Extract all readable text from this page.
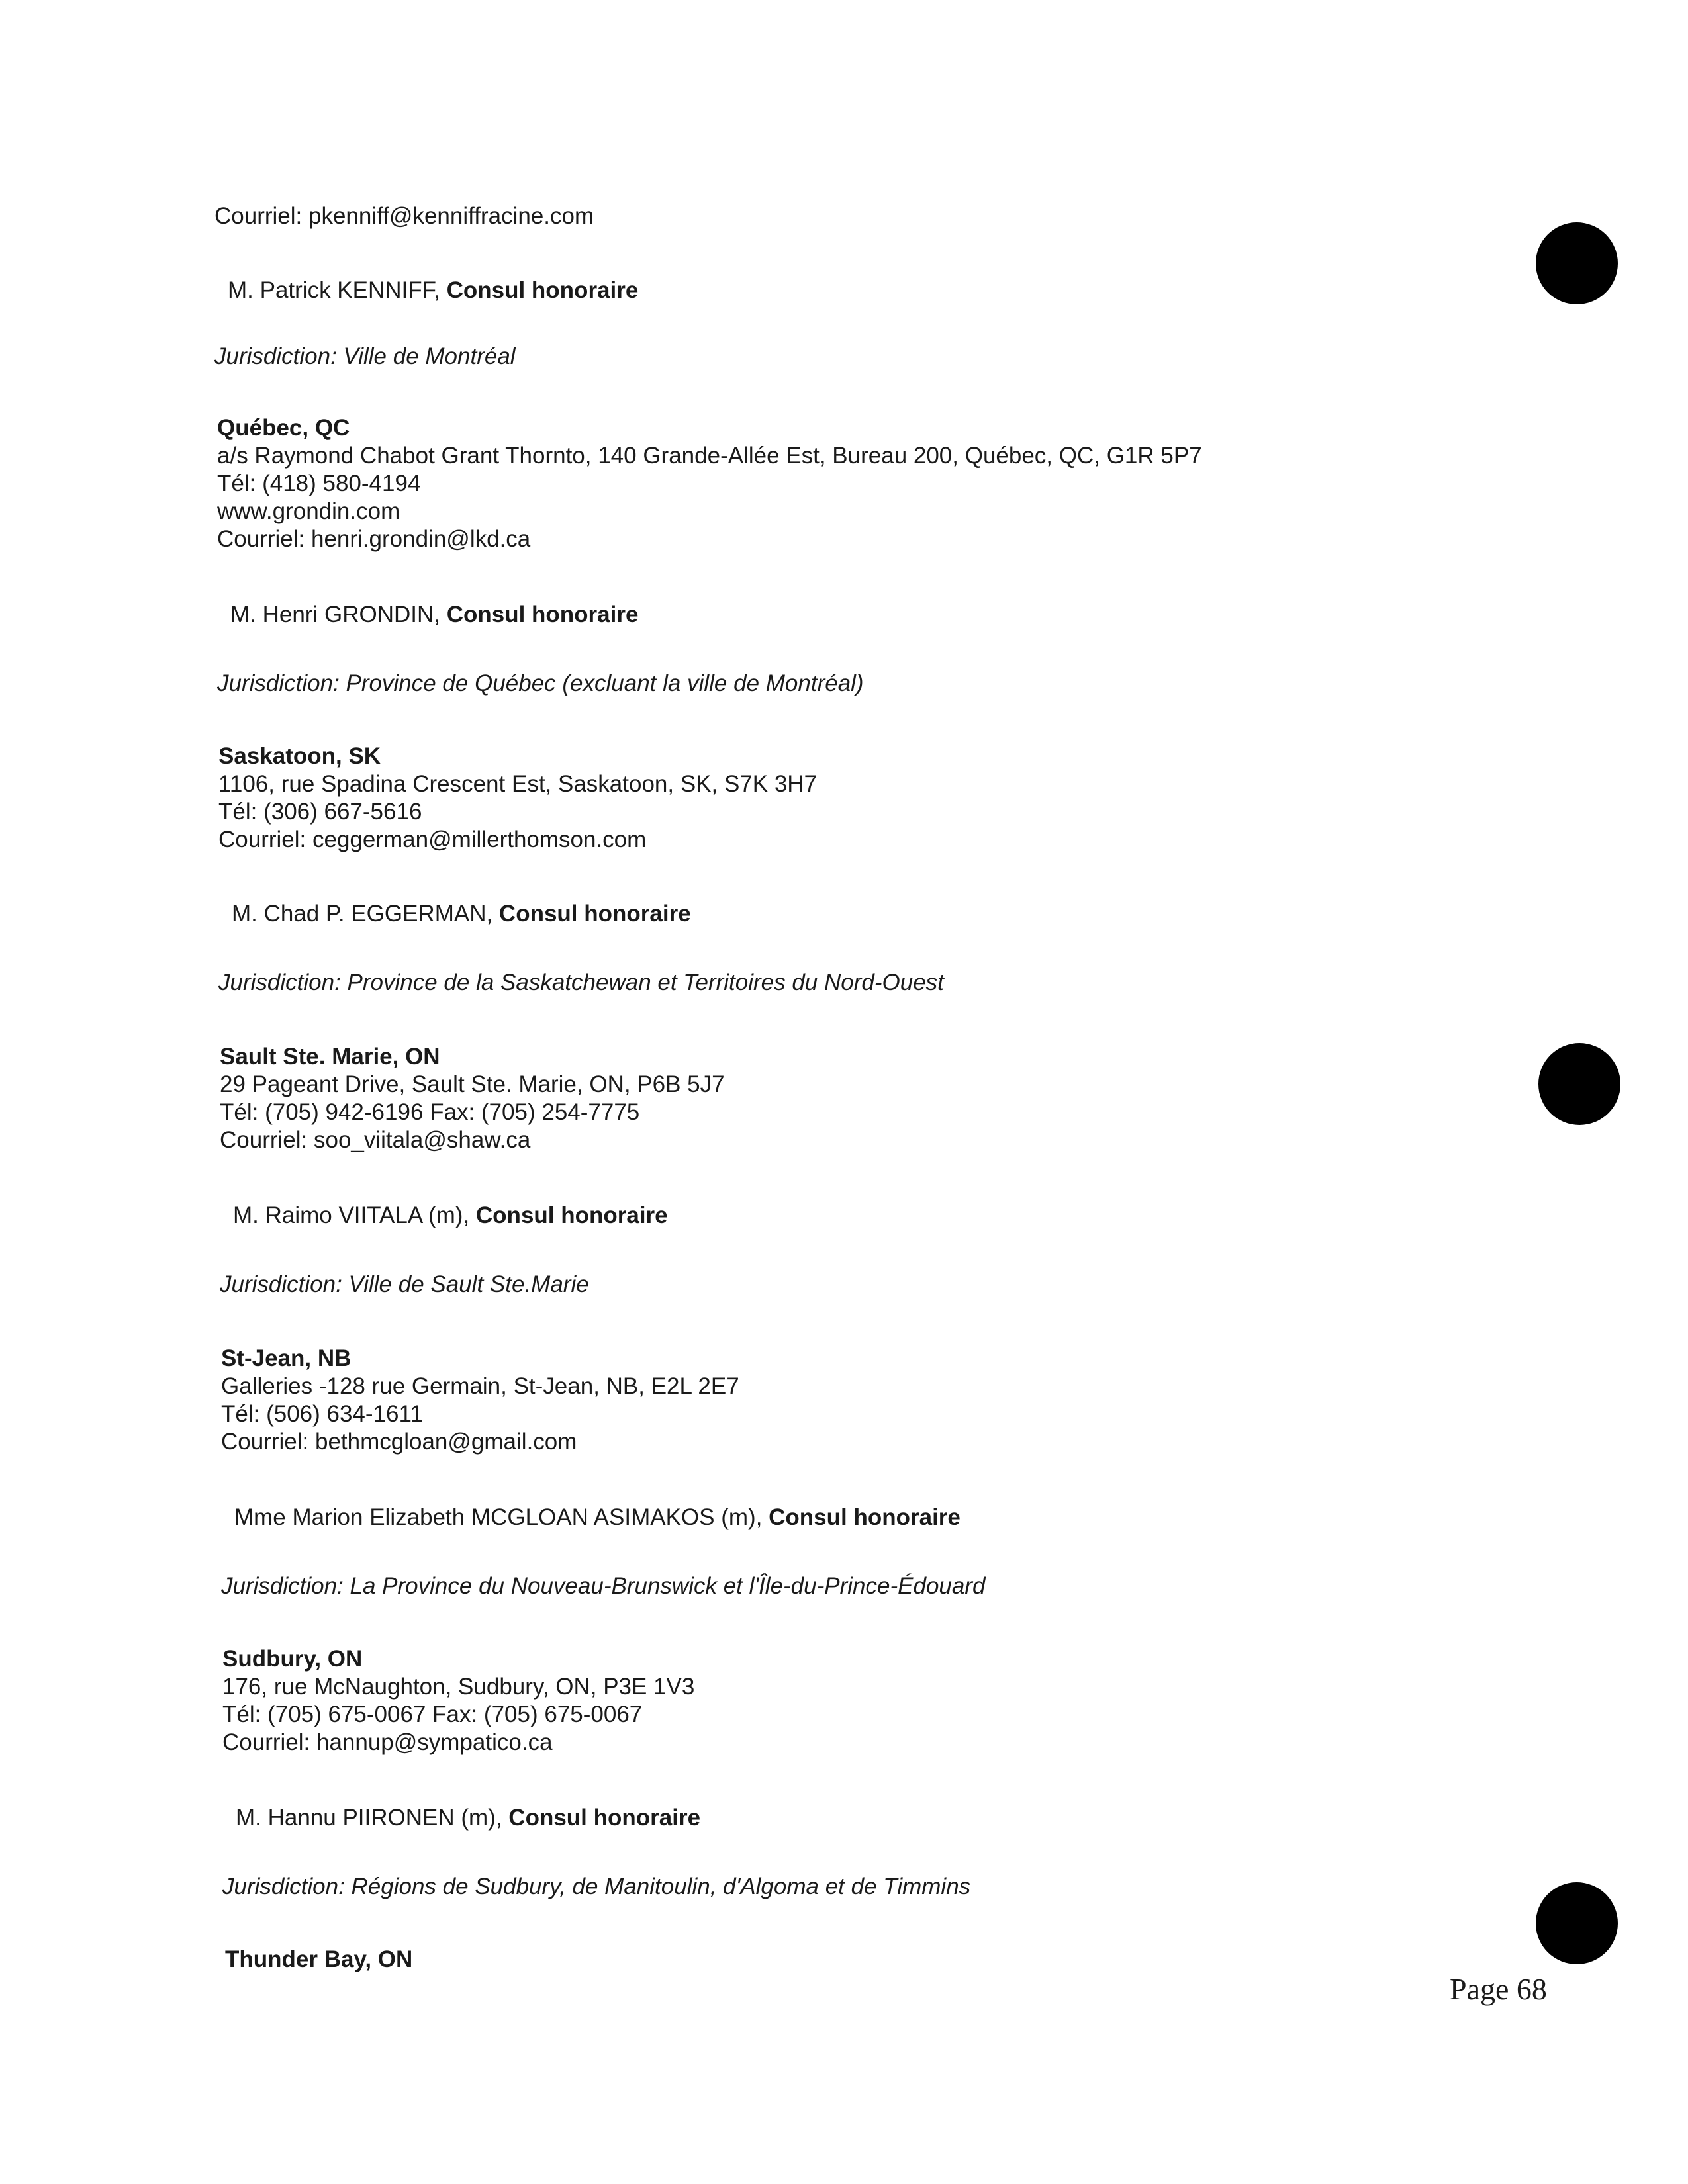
Courriel: pkenniff@kenniffracine.com
M. Patrick KENNIFF, Consul honoraire
Jurisdiction: Ville de Montréal
Québec, QC
a/s Raymond Chabot Grant Thornto, 140 Grande-Allée Est, Bureau 200, Québec, QC, G1R 5P7
Tél: (418) 580-4194
www.grondin.com
Courriel: henri.grondin@lkd.ca
M. Henri GRONDIN, Consul honoraire
Jurisdiction: Province de Québec (excluant la ville de Montréal)
Saskatoon, SK
1106, rue Spadina Crescent Est, Saskatoon, SK, S7K 3H7
Tél: (306) 667-5616
Courriel: ceggerman@millerthomson.com
M. Chad P. EGGERMAN, Consul honoraire
Jurisdiction: Province de la Saskatchewan et Territoires du Nord-Ouest
Sault Ste. Marie, ON
29 Pageant Drive, Sault Ste. Marie, ON, P6B 5J7
Tél: (705) 942-6196 Fax: (705) 254-7775
Courriel: soo_viitala@shaw.ca
M. Raimo VIITALA (m), Consul honoraire
Jurisdiction: Ville de Sault Ste.Marie
St-Jean, NB
Galleries -128 rue Germain, St-Jean, NB, E2L 2E7
Tél: (506) 634-1611
Courriel: bethmcgloan@gmail.com
Mme Marion Elizabeth MCGLOAN ASIMAKOS (m), Consul honoraire
Jurisdiction: La Province du Nouveau-Brunswick et l'Île-du-Prince-Édouard
Sudbury, ON
176, rue McNaughton, Sudbury, ON, P3E 1V3
Tél: (705) 675-0067 Fax: (705) 675-0067
Courriel: hannup@sympatico.ca
M. Hannu PIIRONEN (m), Consul honoraire
Jurisdiction: Régions de Sudbury, de Manitoulin, d'Algoma et de Timmins
Thunder Bay, ON
Page 68
